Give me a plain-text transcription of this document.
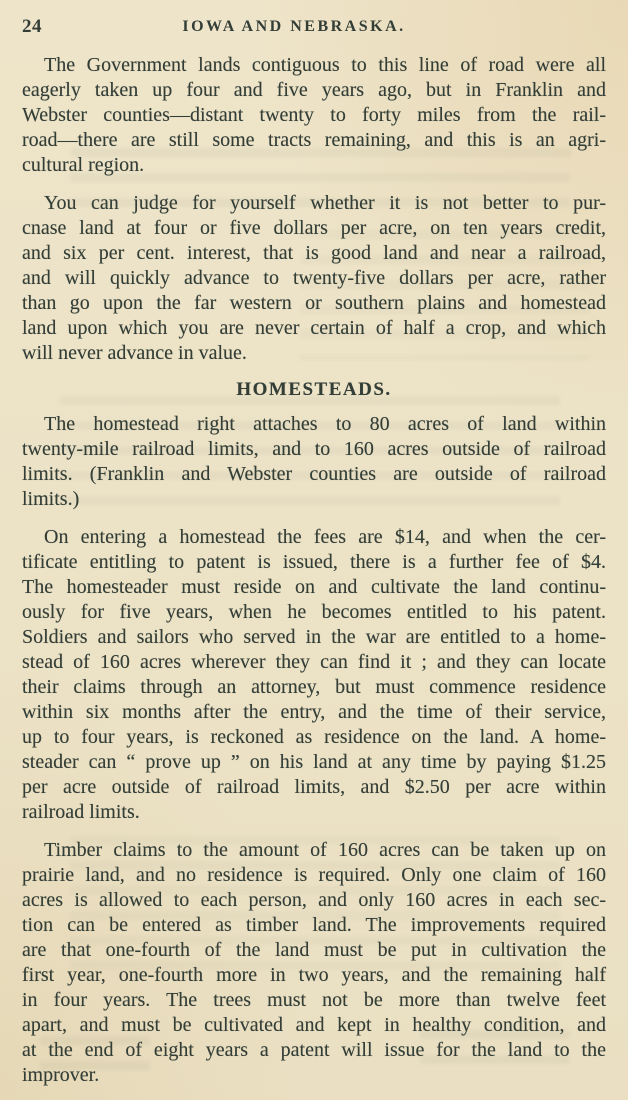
24	IOWA AND NEBRASKA.
The Government lands contiguous to this line of road were all
eagerly taken up four and five years ago, but in Franklin and
Webster counties—distant twenty to forty miles from the rail-
road—there are still some tracts remaining, and this is an agri-
cultural region.
You can judge for yourself whether it is not better to pur-
cnase land at four or five dollars per acre, on ten years credit,
and six per cent. interest, that is good land and near a railroad,
and will quickly advance to twenty-five dollars per acre, rather
than go upon the far western or southern plains and homestead
land upon which you are never certain of half a crop, and which
will never advance in value.
HOMESTEADS.
The homestead right attaches to 80 acres of land within
twenty-mile railroad limits, and to 160 acres outside of railroad
limits. (Franklin and Webster counties are outside of railroad
limits.)
On entering a homestead the fees are $14, and when the cer-
tificate entitling to patent is issued, there is a further fee of $4.
The homesteader must reside on and cultivate the land continu-
ously for five years, when he becomes entitled to his patent.
Soldiers and sailors who served in the war are entitled to a home-
stead of 160 acres wherever they can find it ; and they can locate
their claims through an attorney, but must commence residence
within six months after the entry, and the time of their service,
up to four years, is reckoned as residence on the land. A home-
steader can “ prove up ” on his land at any time by paying $1.25
per acre outside of railroad limits, and $2.50 per acre within
railroad limits.
Timber claims to the amount of 160 acres can be taken up on
prairie land, and no residence is required. Only one claim of 160
acres is allowed to each person, and only 160 acres in each sec-
tion can be entered as timber land. The improvements required
are that one-fourth of the land must be put in cultivation the
first year, one-fourth more in two years, and the remaining half
in four years. The trees must not be more than twelve feet
apart, and must be cultivated and kept in healthy condition, and
at the end of eight years a patent will issue for the land to the
improver.
